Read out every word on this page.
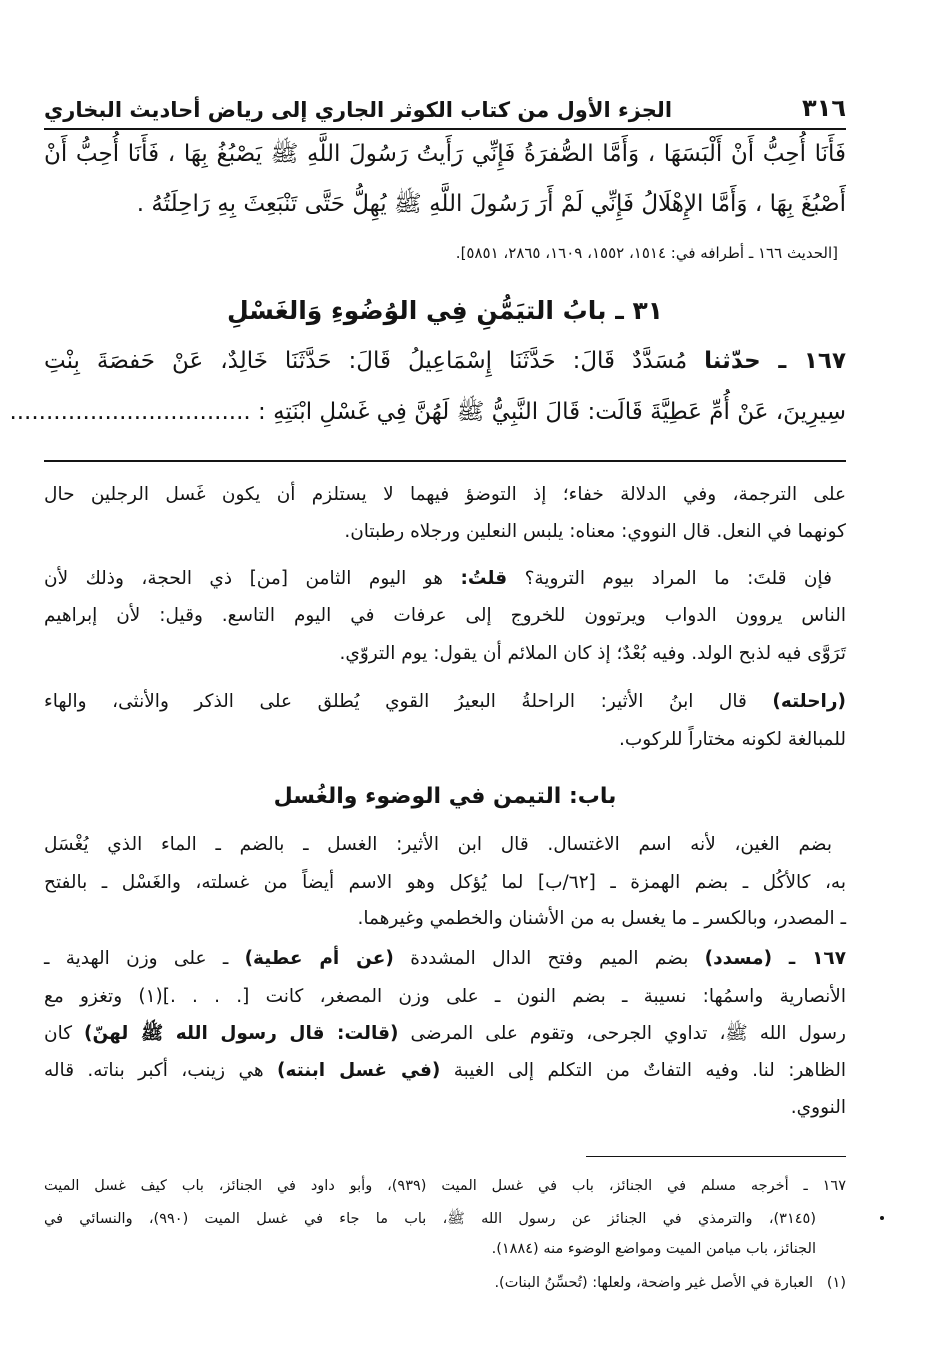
٣١٦
الجزء الأول من كتاب الكوثر الجاري إلى رياض أحاديث البخاري
فَأَنَا أُحِبُّ أَنْ أَلْبَسَهَا ، وَأَمَّا الصُّفرَةُ فَإِنِّي رَأَيتُ رَسُولَ اللَّهِ ﷺ يَصْبُغُ بِهَا ، فَأَنَا أُحِبُّ أَنْ
أَصْبُغَ بِهَا ، وَأَمَّا الإِهْلَالُ فَإِنِّي لَمْ أَرَ رَسُولَ اللَّهِ ﷺ يُهِلُّ حَتَّى تَنْبَعِثَ بِهِ رَاحِلَتُهُ .
[الحديث ١٦٦ ـ أطرافه في: ١٥١٤، ١٥٥٢، ١٦٠٩، ٢٨٦٥، ٥٨٥١].
٣١ ـ بابُ التيَمُّنِ فِي الوُضُوءِ وَالغَسْلِ
١٦٧ ـ حدّثنا مُسَدَّدٌ قَالَ: حَدَّثَنَا إِسْمَاعِيلُ قَالَ: حَدَّثَنَا خَالِدٌ، عَنْ حَفصَةَ بِنْتِ
سِيرِينَ، عَنْ أُمِّ عَطِيَّةَ قَالَت: قَالَ النَّبِيُّ ﷺ لَهُنَّ فِي غَسْلِ ابْنَتِهِ : .................................
على الترجمة، وفي الدلالة خفاء؛ إذ التوضؤ فيهما لا يستلزم أن يكون غَسل الرجلين حال
كونهما في النعل. قال النووي: معناه: يلبس النعلين ورجلاه رطبتان.
فإن قلتَ: ما المراد بيوم التروية؟ قلتُ: هو اليوم الثامن [من] ذي الحجة، وذلك لأن
الناس يروون الدواب ويرتوون للخروج إلى عرفات في اليوم التاسع. وقيل: لأن إبراهيم
تَرَوَّى فيه لذبح الولد. وفيه بُعْدٌ؛ إذ كان الملائم أن يقول: يوم التروّي.
(راحلته) قال ابنُ الأثير: الراحلةُ البعيرُ القوي يُطلق على الذكر والأنثى، والهاء
للمبالغة لكونه مختاراً للركوب.
باب: التيمن في الوضوء والغُسل
بضم الغين، لأنه اسم الاغتسال. قال ابن الأثير: الغسل ـ بالضم ـ الماء الذي يُغْسَل
به، كالأكُل ـ بضم الهمزة ـ [٦٢/ب] لما يُؤكل وهو الاسم أيضاً من غسلته، والغَسْل ـ بالفتح
ـ المصدر، وبالكسر ـ ما يغسل به من الأشنان والخطمي وغيرهما.
١٦٧ ـ (مسدد) بضم الميم وفتح الدال المشددة (عن أم عطية) ـ على وزن الهدية ـ
الأنصارية واسمُها: نسيبة ـ بضم النون ـ على وزن المصغر، كانت [. . . .](١) وتغزو مع
رسول الله ﷺ، تداوي الجرحى، وتقوم على المرضى (قالت: قال رسول الله ﷺ لهنّ) كان
الظاهر: لنا. وفيه التفاتٌ من التكلم إلى الغيبة (في غسل ابنته) هي زينب، أكبر بناته. قاله
النووي.
١٦٧ ـ أخرجه مسلم في الجنائز، باب في غسل الميت (٩٣٩)، وأبو داود في الجنائز، باب كيف غسل الميت
(٣١٤٥)، والترمذي في الجنائز عن رسول الله ﷺ، باب ما جاء في غسل الميت (٩٩٠)، والنسائي في
الجنائز، باب ميامن الميت ومواضع الوضوء منه (١٨٨٤).
(١)   العبارة في الأصل غير واضحة، ولعلها: (تُحسِّنُ البنات).
